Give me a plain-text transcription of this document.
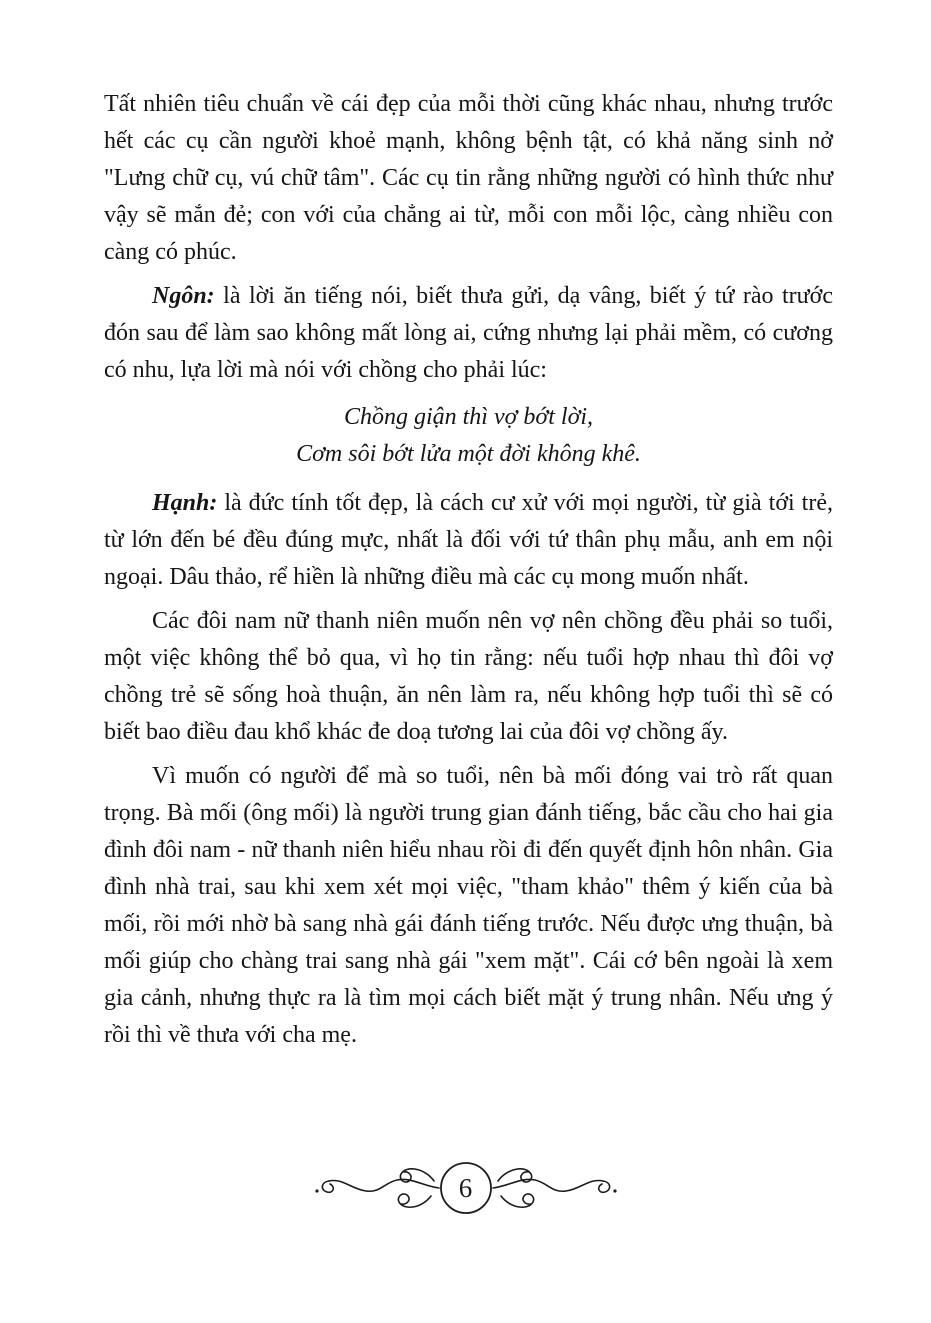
Tất nhiên tiêu chuẩn về cái đẹp của mỗi thời cũng khác nhau, nhưng trước hết các cụ cần người khoẻ mạnh, không bệnh tật, có khả năng sinh nở "Lưng chữ cụ, vú chữ tâm". Các cụ tin rằng những người có hình thức như vậy sẽ mắn đẻ; con với của chẳng ai từ, mỗi con mỗi lộc, càng nhiều con càng có phúc.

Ngôn: là lời ăn tiếng nói, biết thưa gửi, dạ vâng, biết ý tứ rào trước đón sau để làm sao không mất lòng ai, cứng nhưng lại phải mềm, có cương có nhu, lựa lời mà nói với chồng cho phải lúc:

Chồng giận thì vợ bớt lời,
Cơm sôi bớt lửa một đời không khê.

Hạnh: là đức tính tốt đẹp, là cách cư xử với mọi người, từ già tới trẻ, từ lớn đến bé đều đúng mực, nhất là đối với tứ thân phụ mẫu, anh em nội ngoại. Dâu thảo, rể hiền là những điều mà các cụ mong muốn nhất.

Các đôi nam nữ thanh niên muốn nên vợ nên chồng đều phải so tuổi, một việc không thể bỏ qua, vì họ tin rằng: nếu tuổi hợp nhau thì đôi vợ chồng trẻ sẽ sống hoà thuận, ăn nên làm ra, nếu không hợp tuổi thì sẽ có biết bao điều đau khổ khác đe doạ tương lai của đôi vợ chồng ấy.

Vì muốn có người để mà so tuổi, nên bà mối đóng vai trò rất quan trọng. Bà mối (ông mối) là người trung gian đánh tiếng, bắc cầu cho hai gia đình đôi nam - nữ thanh niên hiểu nhau rồi đi đến quyết định hôn nhân. Gia đình nhà trai, sau khi xem xét mọi việc, "tham khảo" thêm ý kiến của bà mối, rồi mới nhờ bà sang nhà gái đánh tiếng trước. Nếu được ưng thuận, bà mối giúp cho chàng trai sang nhà gái "xem mặt". Cái cớ bên ngoài là xem gia cảnh, nhưng thực ra là tìm mọi cách biết mặt ý trung nhân. Nếu ưng ý rồi thì về thưa với cha mẹ.

6
